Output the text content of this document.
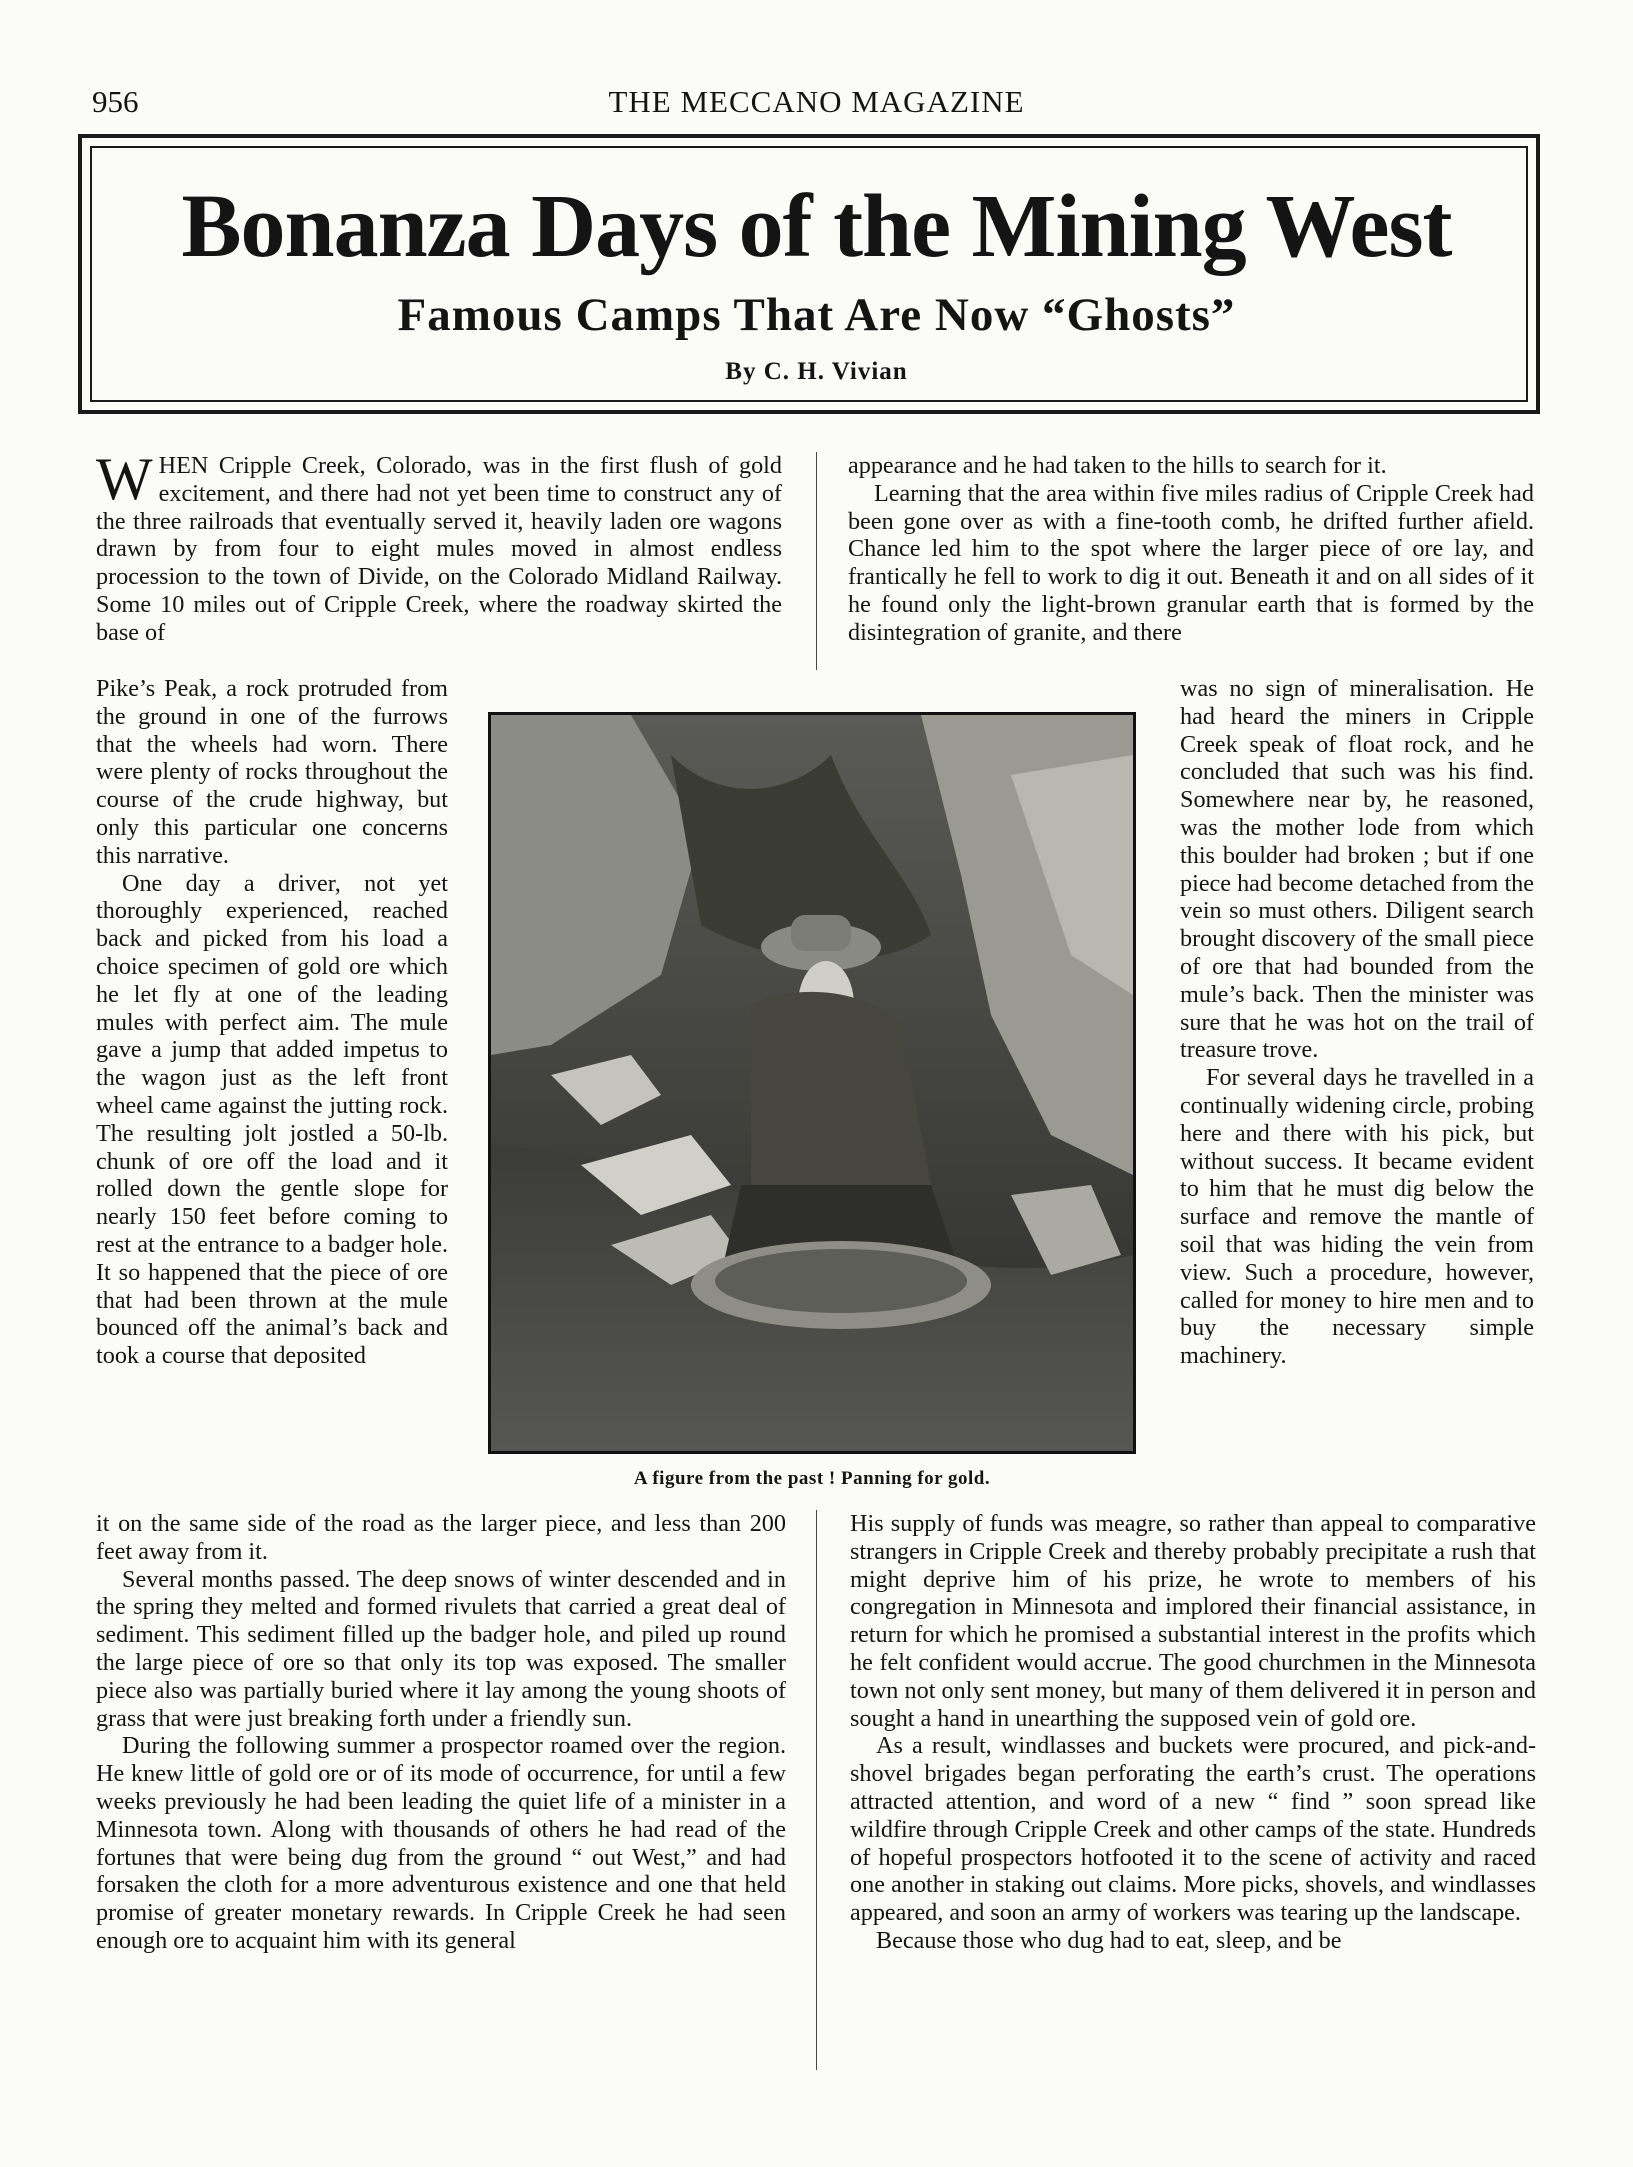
956	THE MECCANO MAGAZINE
Bonanza Days of the Mining West
Famous Camps That Are Now “Ghosts”
By C. H. Vivian

WHEN Cripple Creek, Colorado, was in the first flush of gold excitement, and there had not yet been time to construct any of the three railroads that eventually served it, heavily laden ore wagons drawn by from four to eight mules moved in almost endless procession to the town of Divide, on the Colorado Midland Railway. Some 10 miles out of Cripple Creek, where the roadway skirted the base of

Pike’s Peak, a rock protruded from the ground in one of the furrows that the wheels had worn. There were plenty of rocks throughout the course of the crude highway, but only this particular one concerns this narrative.

One day a driver, not yet thoroughly experienced, reached back and picked from his load a choice specimen of gold ore which he let fly at one of the leading mules with perfect aim. The mule gave a jump that added impetus to the wagon just as the left front wheel came against the jutting rock. The resulting jolt jostled a 50-lb. chunk of ore off the load and it rolled down the gentle slope for nearly 150 feet before coming to rest at the entrance to a badger hole. It so happened that the piece of ore that had been thrown at the mule bounced off the animal’s back and took a course that deposited

it on the same side of the road as the larger piece, and less than 200 feet away from it.

Several months passed. The deep snows of winter descended and in the spring they melted and formed rivulets that carried a great deal of sediment. This sediment filled up the badger hole, and piled up round the large piece of ore so that only its top was exposed. The smaller piece also was partially buried where it lay among the young shoots of grass that were just breaking forth under a friendly sun.

During the following summer a prospector roamed over the region. He knew little of gold ore or of its mode of occurrence, for until a few weeks previously he had been leading the quiet life of a minister in a Minnesota town. Along with thousands of others he had read of the fortunes that were being dug from the ground “ out West,” and had forsaken the cloth for a more adventurous existence and one that held promise of greater monetary rewards. In Cripple Creek he had seen enough ore to acquaint him with its general

appearance and he had taken to the hills to search for it.

Learning that the area within five miles radius of Cripple Creek had been gone over as with a fine-tooth comb, he drifted further afield. Chance led him to the spot where the larger piece of ore lay, and frantically he fell to work to dig it out. Beneath it and on all sides of it he found only the light-brown granular earth that is formed by the disintegration of granite, and there

was no sign of mineralisation. He had heard the miners in Cripple Creek speak of float rock, and he concluded that such was his find. Somewhere near by, he reasoned, was the mother lode from which this boulder had broken ; but if one piece had become detached from the vein so must others. Diligent search brought discovery of the small piece of ore that had bounded from the mule’s back. Then the minister was sure that he was hot on the trail of treasure trove.

For several days he travelled in a continually widening circle, probing here and there with his pick, but without success. It became evident to him that he must dig below the surface and remove the mantle of soil that was hiding the vein from view. Such a procedure, however, called for money to hire men and to buy the necessary simple machinery.

His supply of funds was meagre, so rather than appeal to comparative strangers in Cripple Creek and thereby probably precipitate a rush that might deprive him of his prize, he wrote to members of his congregation in Minnesota and implored their financial assistance, in return for which he promised a substantial interest in the profits which he felt confident would accrue. The good churchmen in the Minnesota town not only sent money, but many of them delivered it in person and sought a hand in unearthing the supposed vein of gold ore.

As a result, windlasses and buckets were procured, and pick-and-shovel brigades began perforating the earth’s crust. The operations attracted attention, and word of a new “ find ” soon spread like wildfire through Cripple Creek and other camps of the state. Hundreds of hopeful prospectors hotfooted it to the scene of activity and raced one another in staking out claims. More picks, shovels, and windlasses appeared, and soon an army of workers was tearing up the landscape.

Because those who dug had to eat, sleep, and be

A figure from the past ! Panning for gold.
